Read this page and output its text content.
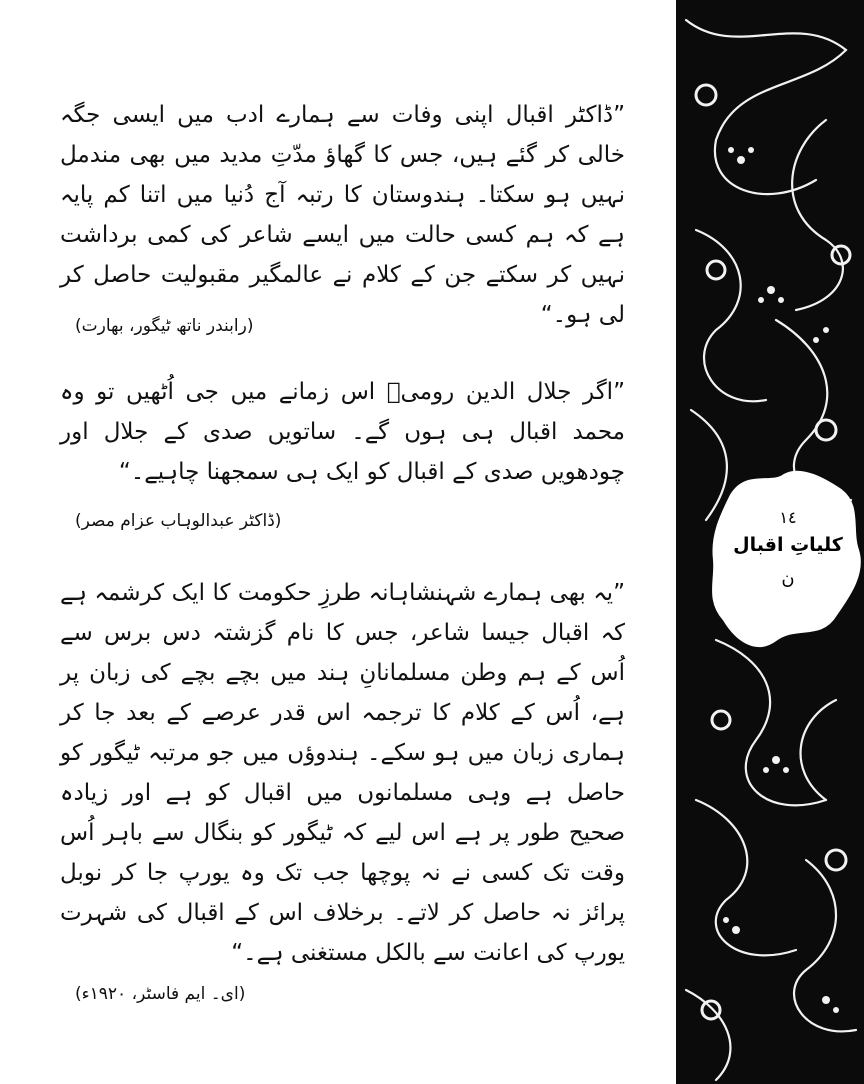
”ڈاکٹر اقبال اپنی وفات سے ہمارے ادب میں ایسی جگہ خالی کر گئے ہیں، جس کا گھاؤ مدّتِ مدید میں بھی مندمل نہیں ہو سکتا۔ ہندوستان کا رتبہ آج دُنیا میں اتنا کم پایہ ہے کہ ہم کسی حالت میں ایسے شاعر کی کمی برداشت نہیں کر سکتے جن کے کلام نے عالمگیر مقبولیت حاصل کر لی ہو۔“
(رابندر ناتھ ٹیگور، بھارت)
”اگر جلال الدین رومیؒ اس زمانے میں جی اُٹھیں تو وہ محمد اقبال ہی ہوں گے۔ ساتویں صدی کے جلال اور چودھویں صدی کے اقبال کو ایک ہی سمجھنا چاہیے۔“
(ڈاکٹر عبدالوہاب عزام مصر)
”یہ بھی ہمارے شہنشاہانہ طرزِ حکومت کا ایک کرشمہ ہے کہ اقبال جیسا شاعر، جس کا نام گزشتہ دس برس سے اُس کے ہم وطن مسلمانانِ ہند میں بچے بچے کی زبان پر ہے، اُس کے کلام کا ترجمہ اس قدر عرصے کے بعد جا کر ہماری زبان میں ہو سکے۔ ہندوؤں میں جو مرتبہ ٹیگور کو حاصل ہے وہی مسلمانوں میں اقبال کو ہے اور زیادہ صحیح طور پر ہے اس لیے کہ ٹیگور کو بنگال سے باہر اُس وقت تک کسی نے نہ پوچھا جب تک وہ یورپ جا کر نوبل پرائز نہ حاصل کر لاتے۔ برخلاف اس کے اقبال کی شہرت یورپ کی اعانت سے بالکل مستغنی ہے۔“
(ای۔ ایم فاسٹر، ۱۹۲۰ء)
١٤
کلیاتِ اقبال
ن
